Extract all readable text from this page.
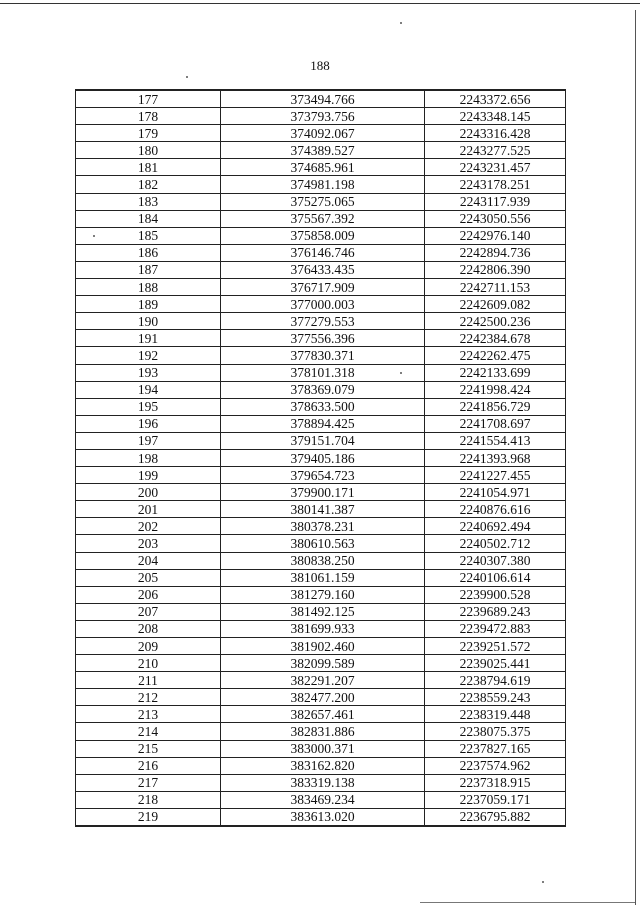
188
177	373494.766	2243372.656
178	373793.756	2243348.145
179	374092.067	2243316.428
180	374389.527	2243277.525
181	374685.961	2243231.457
182	374981.198	2243178.251
183	375275.065	2243117.939
184	375567.392	2243050.556
185	375858.009	2242976.140
186	376146.746	2242894.736
187	376433.435	2242806.390
188	376717.909	2242711.153
189	377000.003	2242609.082
190	377279.553	2242500.236
191	377556.396	2242384.678
192	377830.371	2242262.475
193	378101.318	2242133.699
194	378369.079	2241998.424
195	378633.500	2241856.729
196	378894.425	2241708.697
197	379151.704	2241554.413
198	379405.186	2241393.968
199	379654.723	2241227.455
200	379900.171	2241054.971
201	380141.387	2240876.616
202	380378.231	2240692.494
203	380610.563	2240502.712
204	380838.250	2240307.380
205	381061.159	2240106.614
206	381279.160	2239900.528
207	381492.125	2239689.243
208	381699.933	2239472.883
209	381902.460	2239251.572
210	382099.589	2239025.441
211	382291.207	2238794.619
212	382477.200	2238559.243
213	382657.461	2238319.448
214	382831.886	2238075.375
215	383000.371	2237827.165
216	383162.820	2237574.962
217	383319.138	2237318.915
218	383469.234	2237059.171
219	383613.020	2236795.882
